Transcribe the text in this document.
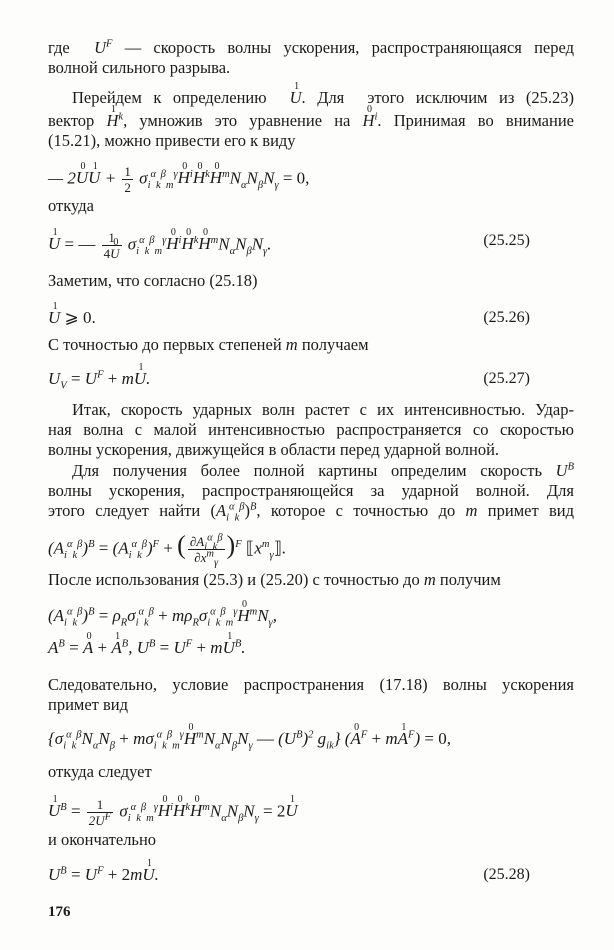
где  $U^F$ — скорость волны ускорения, распространяющаяся перед
волной сильного разрыва.
Перейдем к определению  1 U. Для  этого исключим из (25.23)
вектор 1 $H^k$, умножив это уравнение на 0 $H^i$. Принимая во внимание
(15.21), можно привести его к виду
— 20 U1 $U + \frac{1}{2} \sigma_i^\alpha_k^\beta_m^\gamma 0$ $H^i0$ $H^k0$ $H^mN_\alpha N_\beta N_\gamma = 0$,
откуда
1 U = — $\frac{1}{40 U} \sigma_i^\alpha_k^\beta_m^\gamma 0$ $H^i0$ $H^k0$ $H^mN_\alpha N_\beta N_\gamma$.	(25.25)
Заметим, что согласно (25.18)
1 U ⩾ 0.	(25.26)
С точностью до первых степеней m получаем
$U_V = U^F + m1$ U.	(25.27)
Итак, скорость ударных волн растет с их интенсивностью. Удар-
ная волна с малой интенсивностью распространяется со скоростью
волны ускорения, движущейся в области перед ударной волной.
Для получения более полной картины определим скорость $U^B$
волны ускорения, распространяющейся за ударной волной. Для
этого следует найти $(A_i^\alpha_k^\beta)^B$, которое с точностью до m примет вид
$(A_i^\alpha_k^\beta)^B = (A_i^\alpha_k^\beta)^F$ + ( $\frac{\partial A_i^\alpha_k^\beta}{\partial x^m_\gamma} )^F$ $⟦x^m_\gamma⟧$.
После использования (25.3) и (25.20) с точностью до m получим
$(A_i^\alpha_k^\beta)^B = \rho_R\sigma_i^\alpha_k^\beta + m\rho_R\sigma_i^\alpha_k^\beta_m^\gamma 0$ $H^mN_\gamma$,
$A^B = 0$ A + 1 $A^B$, $U^B = U^F + m1$ $U^B$.
Следовательно, условие распространения (17.18) волны ускорения
примет вид
{$\sigma_i^\alpha_k^\beta N_\alpha N_\beta + m\sigma_i^\alpha_k^\beta_m^\gamma 0$ $H^mN_\alpha N_\beta N_\gamma$ — $(U^B)^2$ $g_{ik}$} (0 $A^F + m1$ $A^F) = 0$,
откуда следует
1 $U^B = \frac{1}{2U^F} \sigma_i^\alpha_k^\beta_m^\gamma 0$ $H^i0$ $H^k0$ $H^mN_\alpha N_\beta N_\gamma = 21$ U
и окончательно
$U^B = U^F + 2m1$ U.	(25.28)
176
